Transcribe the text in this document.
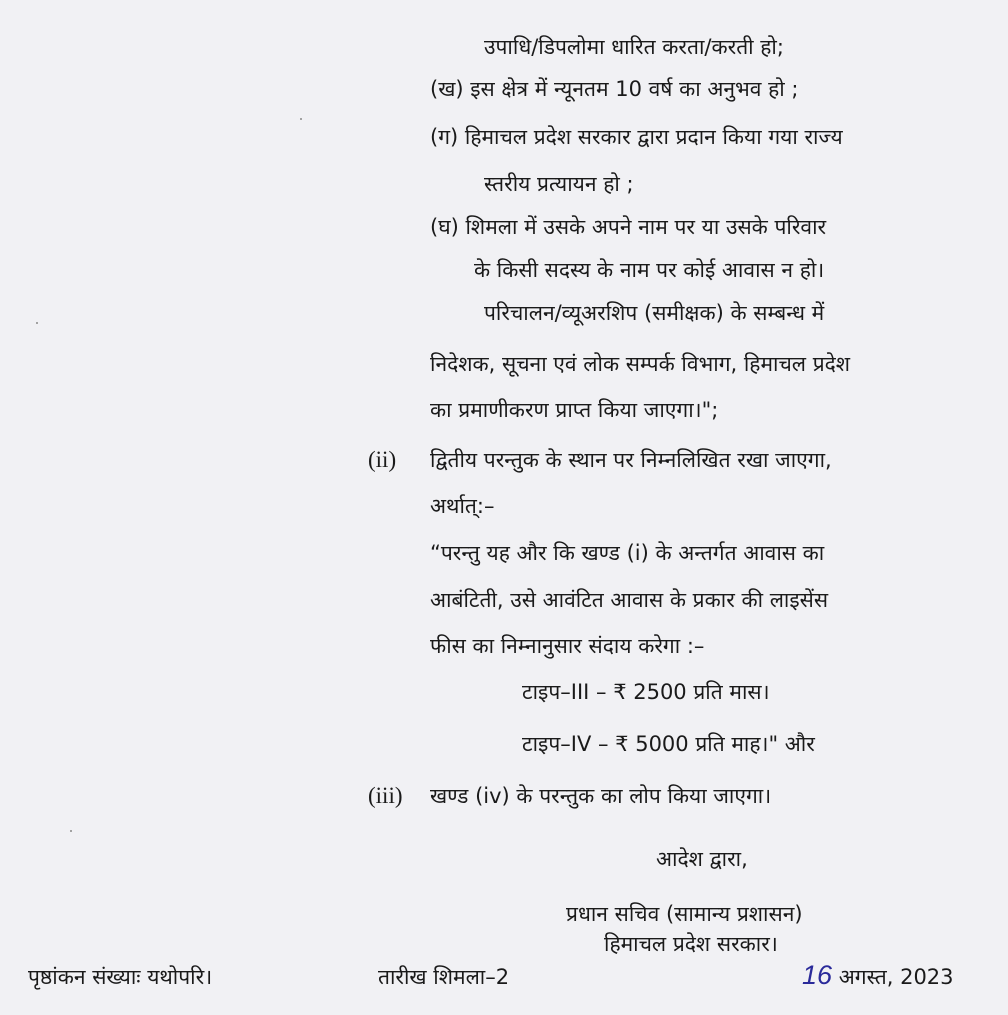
उपाधि/डिपलोमा धारित करता/करती हो;
(ख) इस क्षेत्र में न्यूनतम 10 वर्ष का अनुभव हो ;
(ग) हिमाचल प्रदेश सरकार द्वारा प्रदान किया गया राज्य
स्तरीय प्रत्यायन हो ;
(घ) शिमला में उसके अपने नाम पर या उसके परिवार
के किसी सदस्य के नाम पर कोई आवास न हो।
परिचालन/व्यूअरशिप (समीक्षक) के सम्बन्ध में
निदेशक, सूचना एवं लोक सम्पर्क विभाग, हिमाचल प्रदेश
का प्रमाणीकरण प्राप्त किया जाएगा।";
(ii) द्वितीय परन्तुक के स्थान पर निम्नलिखित रखा जाएगा,
अर्थात्:–
“परन्तु यह और कि खण्ड (i) के अन्तर्गत आवास का
आबंटिती, उसे आवंटित आवास के प्रकार की लाइसेंस
फीस का निम्नानुसार संदाय करेगा :–
टाइप–III – ₹ 2500 प्रति मास।
टाइप–IV – ₹ 5000 प्रति माह।" और
(iii) खण्ड (iv) के परन्तुक का लोप किया जाएगा।
आदेश द्वारा,
प्रधान सचिव (सामान्य प्रशासन)
हिमाचल प्रदेश सरकार।
पृष्ठांकन संख्याः यथोपरि।	तारीख शिमला–2	16 अगस्त, 2023
